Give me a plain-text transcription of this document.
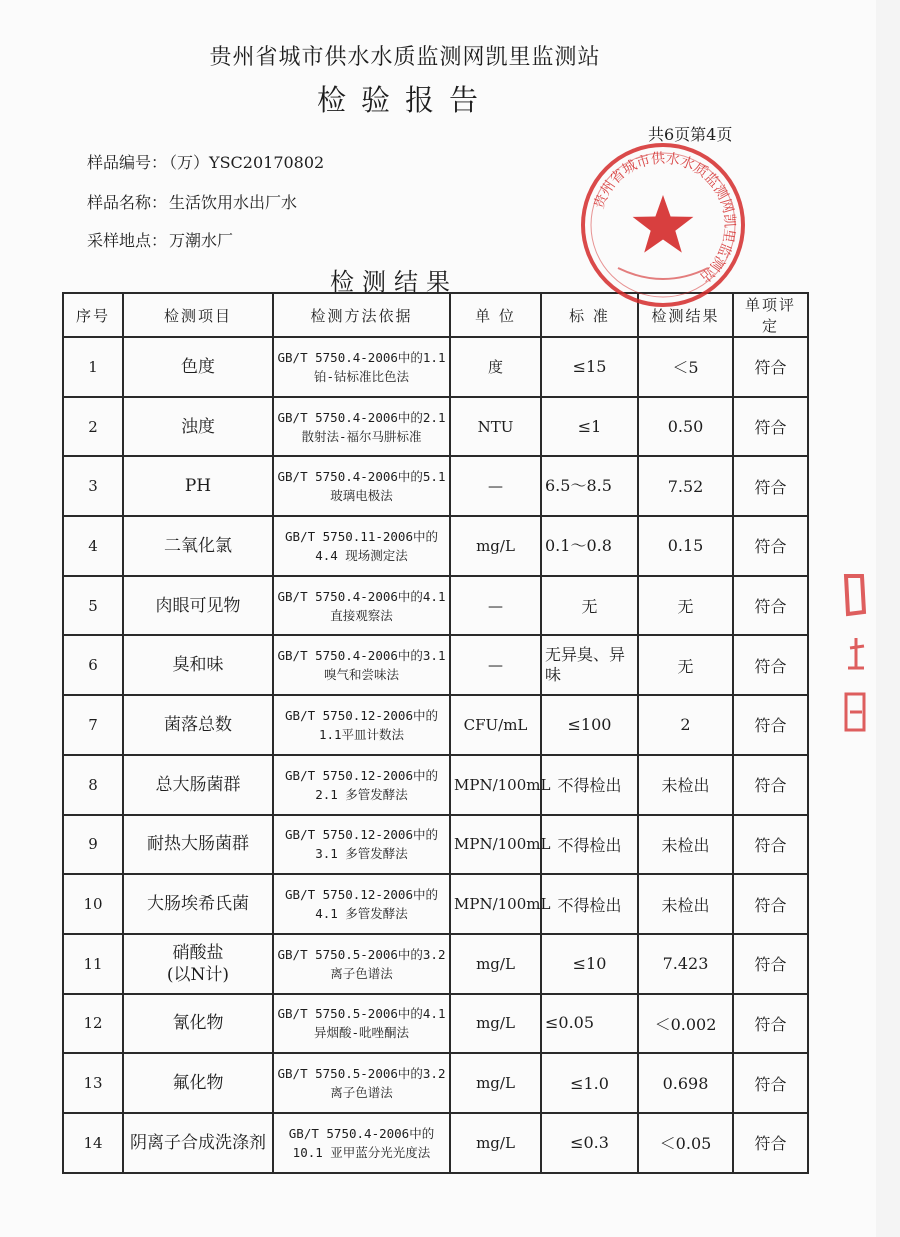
贵州省城市供水水质监测网凯里监测站
检验报告
共6页第4页
样品编号： （万）YSC20170802
样品名称： 生活饮用水出厂水
采样地点： 万潮水厂
检测结果
序号	检测项目	检测方法依据	单 位	标 准	检测结果	单项评定
1	色度	GB/T 5750.4-2006中的1.1
铂-钴标准比色法	度	≤15	＜5	符合
2	浊度	GB/T 5750.4-2006中的2.1
散射法-福尔马肼标准	NTU	≤1	0.50	符合
3	PH	GB/T 5750.4-2006中的5.1
玻璃电极法	—	6.5～8.5	7.52	符合
4	二氧化氯	GB/T 5750.11-2006中的
4.4 现场测定法	mg/L	0.1～0.8	0.15	符合
5	肉眼可见物	GB/T 5750.4-2006中的4.1
直接观察法	—	无	无	符合
6	臭和味	GB/T 5750.4-2006中的3.1
嗅气和尝味法	—	无异臭、异味	无	符合
7	菌落总数	GB/T 5750.12-2006中的
1.1平皿计数法	CFU/mL	≤100	2	符合
8	总大肠菌群	GB/T 5750.12-2006中的
2.1 多管发酵法	MPN/100mL	不得检出	未检出	符合
9	耐热大肠菌群	GB/T 5750.12-2006中的
3.1 多管发酵法	MPN/100mL	不得检出	未检出	符合
10	大肠埃希氏菌	GB/T 5750.12-2006中的
4.1 多管发酵法	MPN/100mL	不得检出	未检出	符合
11	硝酸盐
(以N计)	GB/T 5750.5-2006中的3.2
离子色谱法	mg/L	≤10	7.423	符合
12	氰化物	GB/T 5750.5-2006中的4.1
异烟酸-吡唑酮法	mg/L	≤0.05	＜0.002	符合
13	氟化物	GB/T 5750.5-2006中的3.2
离子色谱法	mg/L	≤1.0	0.698	符合
14	阴离子合成洗涤剂	GB/T 5750.4-2006中的
10.1 亚甲蓝分光光度法	mg/L	≤0.3	＜0.05	符合
贵州省城市供水水质监测网凯里监测站
